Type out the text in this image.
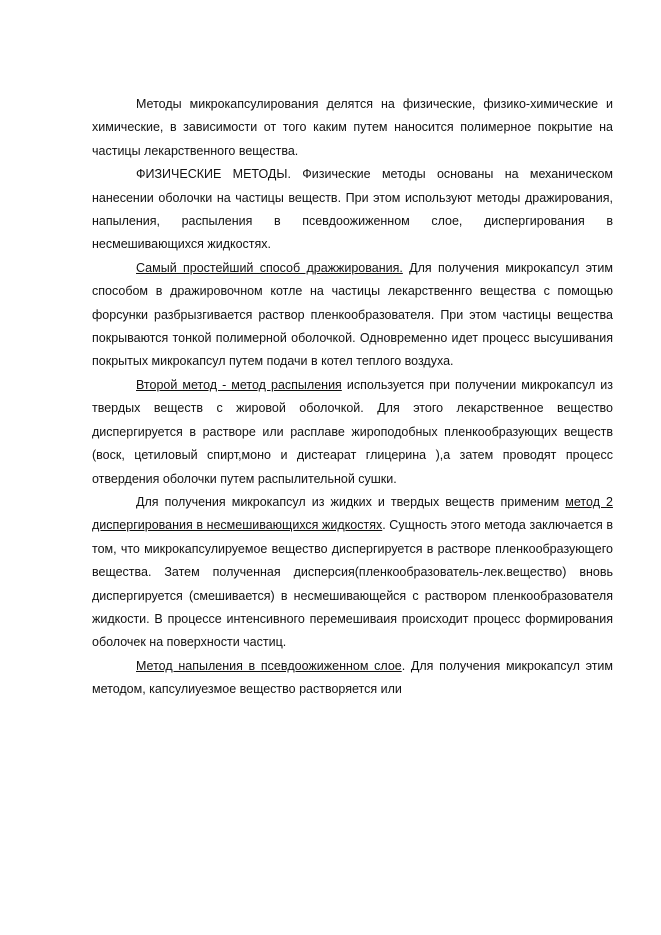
Методы микрокапсулирования делятся на физические, физико-химические и химические, в зависимости от того каким путем наносится полимерное покрытие на частицы лекарственного вещества.

ФИЗИЧЕСКИЕ МЕТОДЫ. Физические методы основаны на механическом нанесении оболочки на частицы веществ. При этом используют методы дражирования, напыления, распыления в псевдоожиженном слое, диспергирования в несмешивающихся жидкостях.

Самый простейший способ дражжирования. Для получения микрокапсул этим способом в дражировочном котле на частицы лекарственнго вещества с помощью форсунки разбрызгивается раствор пленкообразователя. При этом частицы вещества покрываются тонкой полимерной оболочкой. Одновременно идет процесс высушивания покрытых микрокапсул путем подачи в котел теплого воздуха.

Второй метод - метод распыления используется при получении микрокапсул из твердых веществ с жировой оболочкой. Для этого лекарственное вещество диспергируется в растворе или расплаве жироподобных пленкообразующих веществ (воск, цетиловый спирт,моно и дистеарат глицерина ),а затем проводят процесс отвердения оболочки путем распылительной сушки.

Для получения микрокапсул из жидких и твердых веществ применим метод 2 диспергирования в несмешивающихся жидкостях. Сущность этого метода заключается в том, что микрокапсулируемое вещество диспергируется в растворе пленкообразующего вещества. Затем полученная дисперсия(пленкообразователь-лек.вещество) вновь диспергируется (смешивается) в несмешивающейся с раствором пленкообразователя жидкости. В процессе интенсивного перемешиваия происходит процесс формирования оболочек на поверхности частиц.

Метод напыления в псевдоожиженном слое. Для получения микрокапсул этим методом, капсулиуезмое вещество растворяется или
